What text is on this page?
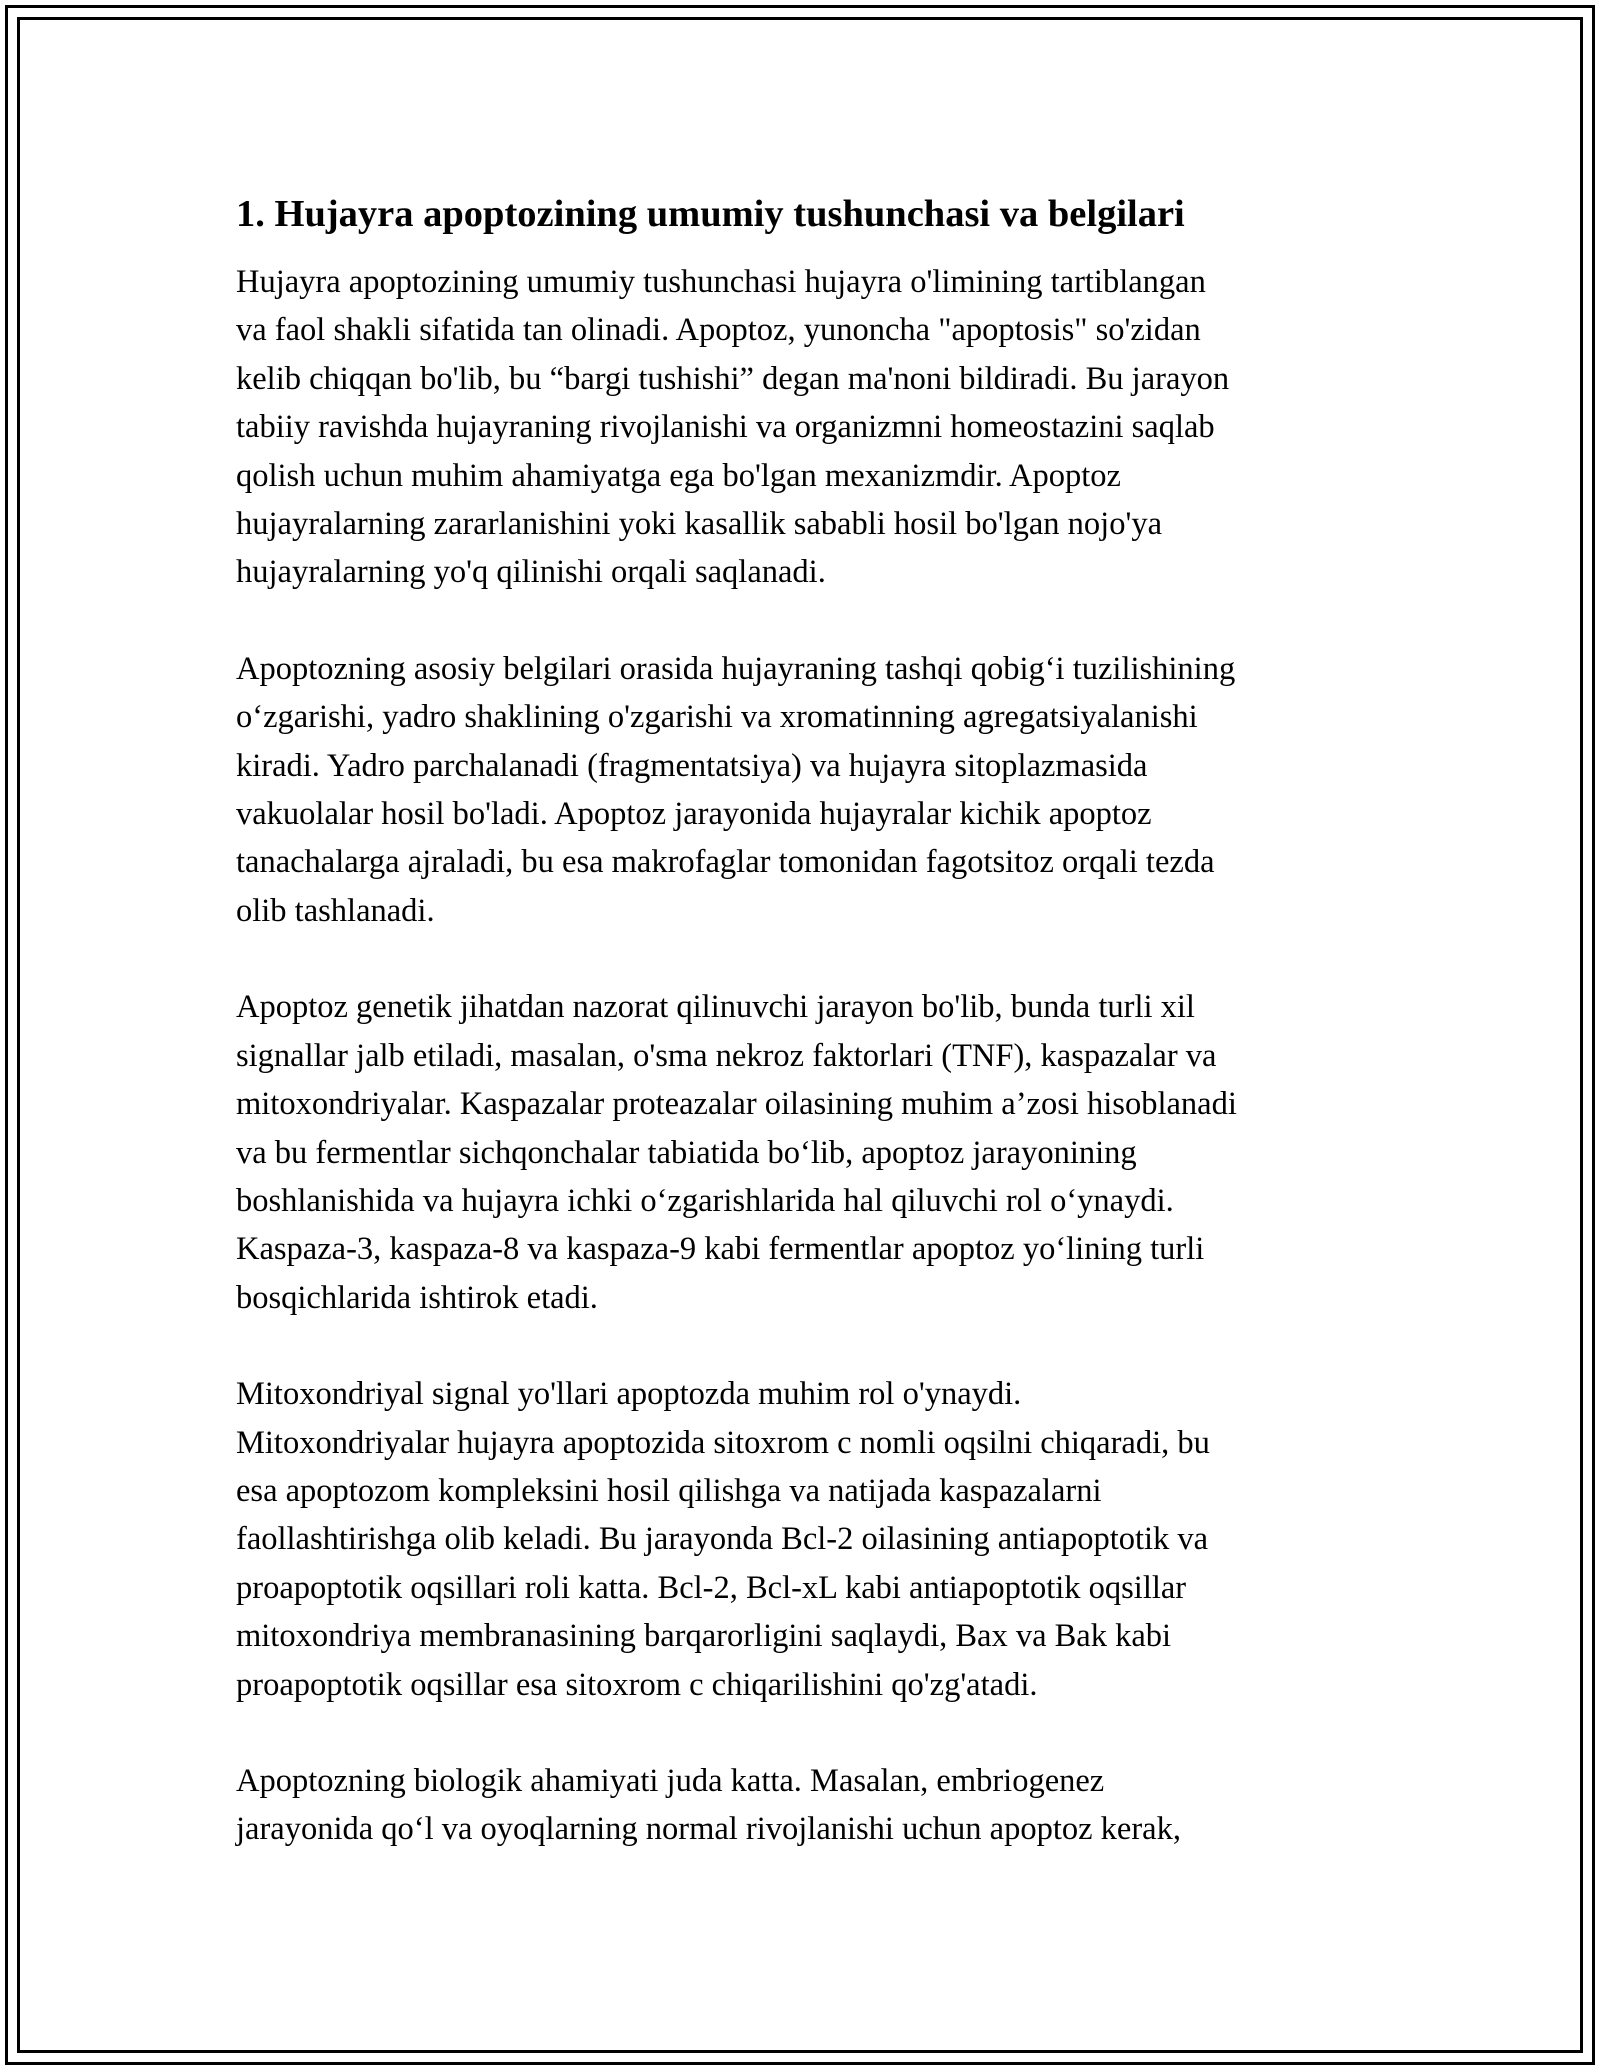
1. Hujayra apoptozining umumiy tushunchasi va belgilari
Hujayra apoptozining umumiy tushunchasi hujayra o'limining tartiblangan
va faol shakli sifatida tan olinadi. Apoptoz, yunoncha "apoptosis" so'zidan
kelib chiqqan bo'lib, bu “bargi tushishi” degan ma'noni bildiradi. Bu jarayon
tabiiy ravishda hujayraning rivojlanishi va organizmni homeostazini saqlab
qolish uchun muhim ahamiyatga ega bo'lgan mexanizmdir. Apoptoz
hujayralarning zararlanishini yoki kasallik sababli hosil bo'lgan nojo'ya
hujayralarning yo'q qilinishi orqali saqlanadi.
Apoptozning asosiy belgilari orasida hujayraning tashqi qobig‘i tuzilishining
o‘zgarishi, yadro shaklining o'zgarishi va xromatinning agregatsiyalanishi
kiradi. Yadro parchalanadi (fragmentatsiya) va hujayra sitoplazmasida
vakuolalar hosil bo'ladi. Apoptoz jarayonida hujayralar kichik apoptoz
tanachalarga ajraladi, bu esa makrofaglar tomonidan fagotsitoz orqali tezda
olib tashlanadi.
Apoptoz genetik jihatdan nazorat qilinuvchi jarayon bo'lib, bunda turli xil
signallar jalb etiladi, masalan, o'sma nekroz faktorlari (TNF), kaspazalar va
mitoxondriyalar. Kaspazalar proteazalar oilasining muhim a’zosi hisoblanadi
va bu fermentlar sichqonchalar tabiatida bo‘lib, apoptoz jarayonining
boshlanishida va hujayra ichki o‘zgarishlarida hal qiluvchi rol o‘ynaydi.
Kaspaza-3, kaspaza-8 va kaspaza-9 kabi fermentlar apoptoz yo‘lining turli
bosqichlarida ishtirok etadi.
Mitoxondriyal signal yo'llari apoptozda muhim rol o'ynaydi.
Mitoxondriyalar hujayra apoptozida sitoxrom c nomli oqsilni chiqaradi, bu
esa apoptozom kompleksini hosil qilishga va natijada kaspazalarni
faollashtirishga olib keladi. Bu jarayonda Bcl-2 oilasining antiapoptotik va
proapoptotik oqsillari roli katta. Bcl-2, Bcl-xL kabi antiapoptotik oqsillar
mitoxondriya membranasining barqarorligini saqlaydi, Bax va Bak kabi
proapoptotik oqsillar esa sitoxrom c chiqarilishini qo'zg'atadi.
Apoptozning biologik ahamiyati juda katta. Masalan, embriogenez
jarayonida qo‘l va oyoqlarning normal rivojlanishi uchun apoptoz kerak,
